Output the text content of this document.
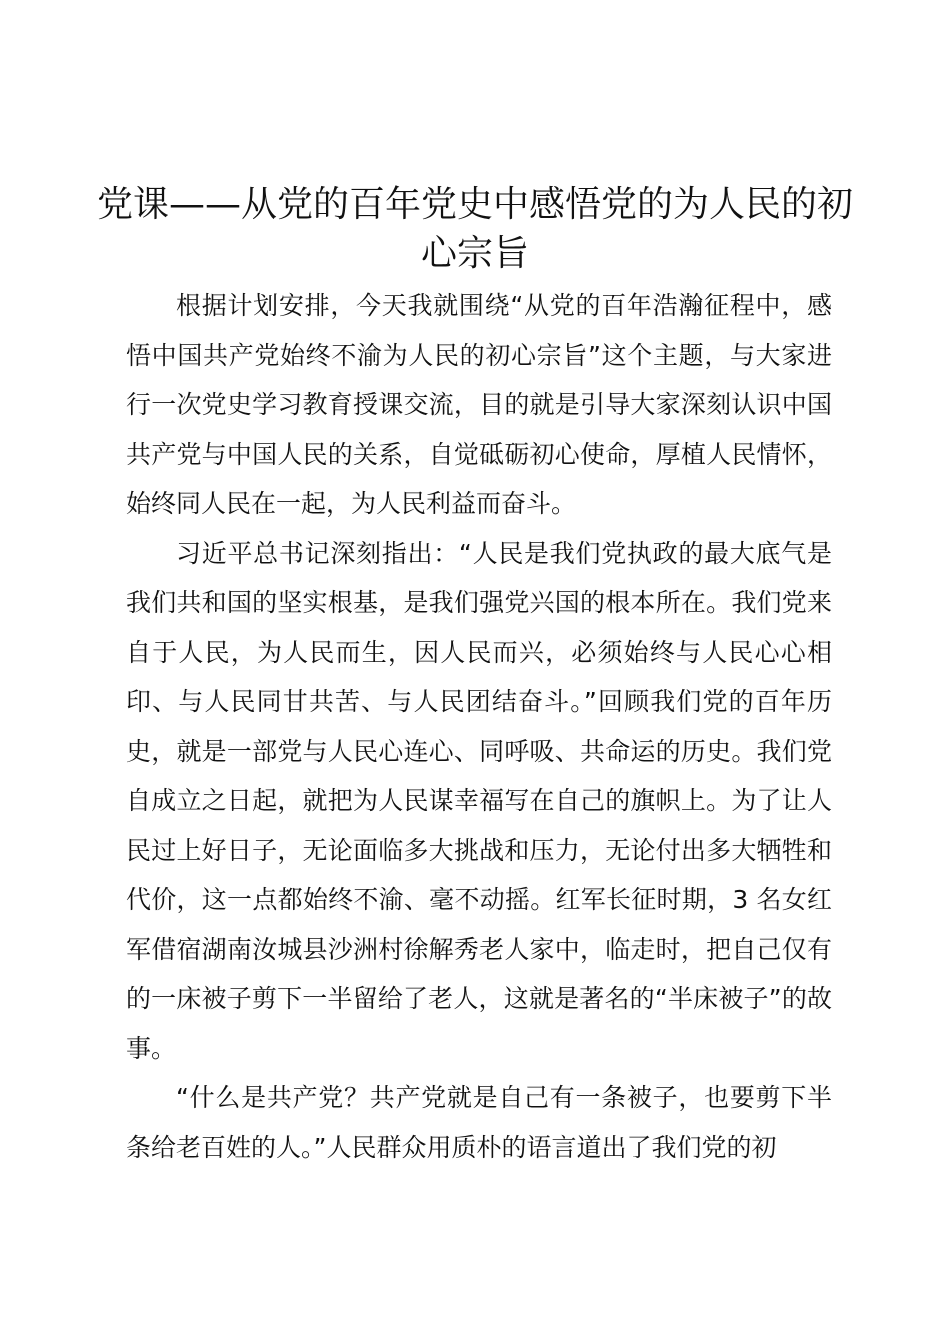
党课——从党的百年党史中感悟党的为人民的初心宗旨

根据计划安排，今天我就围绕“从党的百年浩瀚征程中，感悟中国共产党始终不渝为人民的初心宗旨”这个主题，与大家进行一次党史学习教育授课交流，目的就是引导大家深刻认识中国共产党与中国人民的关系，自觉砥砺初心使命，厚植人民情怀，始终同人民在一起，为人民利益而奋斗。

习近平总书记深刻指出：“人民是我们党执政的最大底气是我们共和国的坚实根基，是我们强党兴国的根本所在。我们党来自于人民，为人民而生，因人民而兴，必须始终与人民心心相印、与人民同甘共苦、与人民团结奋斗。”回顾我们党的百年历史，就是一部党与人民心连心、同呼吸、共命运的历史。我们党自成立之日起，就把为人民谋幸福写在自己的旗帜上。为了让人民过上好日子，无论面临多大挑战和压力，无论付出多大牺牲和代价，这一点都始终不渝、毫不动摇。红军长征时期，3 名女红军借宿湖南汝城县沙洲村徐解秀老人家中，临走时，把自己仅有的一床被子剪下一半留给了老人，这就是著名的“半床被子”的故事。

“什么是共产党？共产党就是自己有一条被子，也要剪下半条给老百姓的人。”人民群众用质朴的语言道出了我们党的初
